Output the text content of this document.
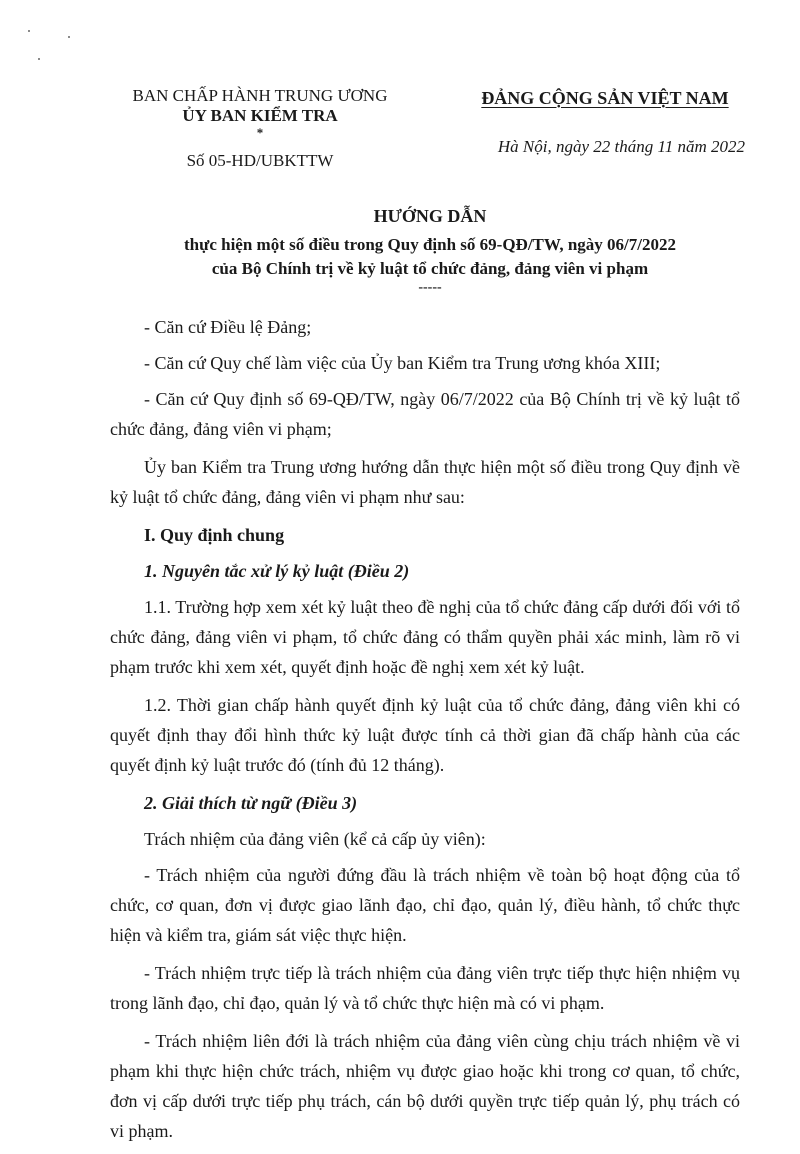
BAN CHẤP HÀNH TRUNG ƯƠNG
ỦY BAN KIỂM TRA
*
Số 05-HD/UBKTTW
ĐẢNG CỘNG SẢN VIỆT NAM
Hà Nội, ngày 22 tháng 11 năm 2022
HƯỚNG DẪN
thực hiện một số điều trong Quy định số 69-QĐ/TW, ngày 06/7/2022
của Bộ Chính trị về kỷ luật tổ chức đảng, đảng viên vi phạm
-----

- Căn cứ Điều lệ Đảng;

- Căn cứ Quy chế làm việc của Ủy ban Kiểm tra Trung ương khóa XIII;

- Căn cứ Quy định số 69-QĐ/TW, ngày 06/7/2022 của Bộ Chính trị về kỷ luật tổ chức đảng, đảng viên vi phạm;

Ủy ban Kiểm tra Trung ương hướng dẫn thực hiện một số điều trong Quy định về kỷ luật tổ chức đảng, đảng viên vi phạm như sau:

I. Quy định chung
1. Nguyên tắc xử lý kỷ luật (Điều 2)

1.1. Trường hợp xem xét kỷ luật theo đề nghị của tổ chức đảng cấp dưới đối với tổ chức đảng, đảng viên vi phạm, tổ chức đảng có thẩm quyền phải xác minh, làm rõ vi phạm trước khi xem xét, quyết định hoặc đề nghị xem xét kỷ luật.

1.2. Thời gian chấp hành quyết định kỷ luật của tổ chức đảng, đảng viên khi có quyết định thay đổi hình thức kỷ luật được tính cả thời gian đã chấp hành của các quyết định kỷ luật trước đó (tính đủ 12 tháng).

2. Giải thích từ ngữ (Điều 3)

Trách nhiệm của đảng viên (kể cả cấp ủy viên):

- Trách nhiệm của người đứng đầu là trách nhiệm về toàn bộ hoạt động của tổ chức, cơ quan, đơn vị được giao lãnh đạo, chỉ đạo, quản lý, điều hành, tổ chức thực hiện và kiểm tra, giám sát việc thực hiện.

- Trách nhiệm trực tiếp là trách nhiệm của đảng viên trực tiếp thực hiện nhiệm vụ trong lãnh đạo, chỉ đạo, quản lý và tổ chức thực hiện mà có vi phạm.

- Trách nhiệm liên đới là trách nhiệm của đảng viên cùng chịu trách nhiệm về vi phạm khi thực hiện chức trách, nhiệm vụ được giao hoặc khi trong cơ quan, tổ chức, đơn vị cấp dưới trực tiếp phụ trách, cán bộ dưới quyền trực tiếp quản lý, phụ trách có vi phạm.
